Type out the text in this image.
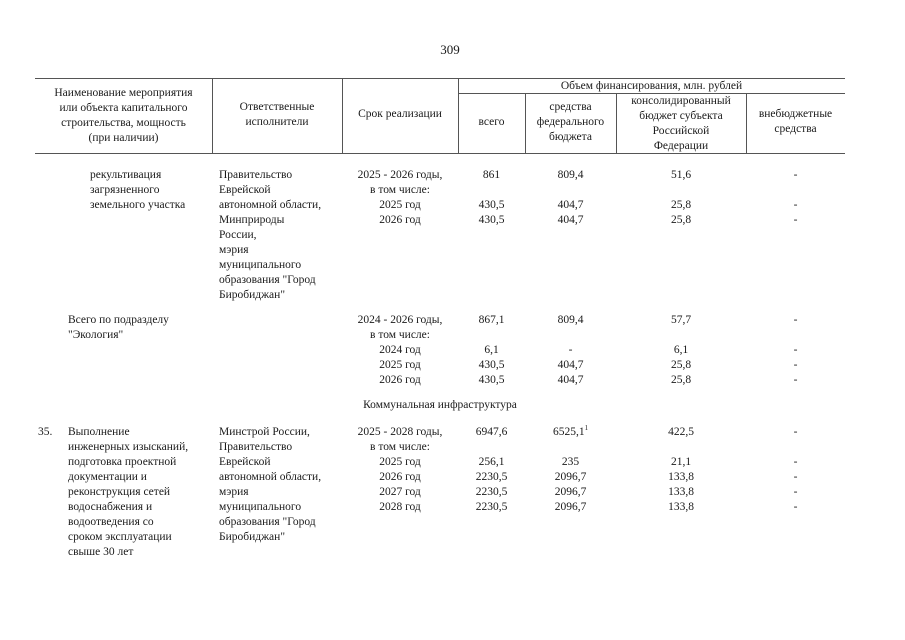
309
Наименование мероприятия
или объекта капитального
строительства, мощность
(при наличии)
Ответственные
исполнители
Срок реализации
Объем финансирования, млн. рублей
всего
средства
федерального
бюджета
консолидированный
бюджет субъекта
Российской
Федерации
внебюджетные
средства
рекультивация
загрязненного
земельного участка
Правительство
Еврейской
автономной области,
Минприроды
России,
мэрия
муниципального
образования "Город
Биробиджан"
2025 - 2026 годы,
в том числе:
2025 год
2026 год
861
430,5
430,5
809,4
404,7
404,7
51,6
25,8
25,8
-
-
-
Всего по подразделу
"Экология"
2024 - 2026 годы,
в том числе:
2024 год
2025 год
2026 год
867,1
6,1
430,5
430,5
809,4
-
404,7
404,7
57,7
6,1
25,8
25,8
-
-
-
-
Коммунальная инфраструктура
35.	Выполнение
инженерных изысканий,
подготовка проектной
документации и
реконструкция сетей
водоснабжения и
водоотведения со
сроком эксплуатации
свыше 30 лет
Минстрой России,
Правительство
Еврейской
автономной области,
мэрия
муниципального
образования "Город
Биробиджан"
2025 - 2028 годы,
в том числе:
2025 год
2026 год
2027 год
2028 год
6947,6
256,1
2230,5
2230,5
2230,5
6525,1$^1$
235
2096,7
2096,7
2096,7
422,5
21,1
133,8
133,8
133,8
-
-
-
-
-
